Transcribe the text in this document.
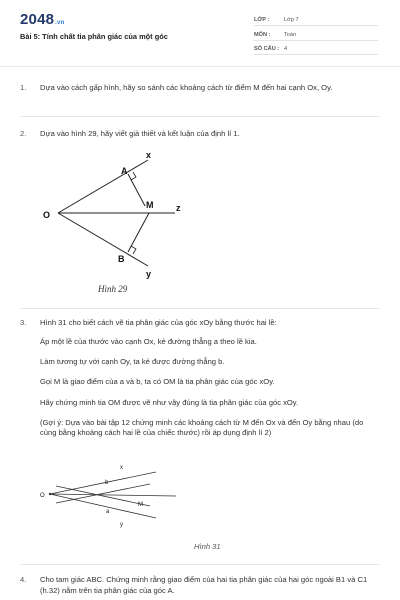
2048.vn
Bài 5: Tính chất tia phân giác của một góc
LỚP :	Lớp 7
MÔN : Toán
SỐ CÂU : 4
1.	Dựa vào cách gấp hình, hãy so sánh các khoảng cách từ điểm M đến hai cạnh Ox, Oy.
2.	Dựa vào hình 29, hãy viết giả thiết và kết luận của định lí 1.
O
A
B
M
x
y
z
Hình 29
3.	Hình 31 cho biết cách vẽ tia phân giác của góc xOy bằng thước hai lề:
Áp một lề của thước vào cạnh Ox, kẻ đường thẳng a theo lề kia.
Làm tương tự với cạnh Oy, ta kẻ được đường thẳng b.
Gọi M là giao điểm của a và b, ta có OM là tia phân giác của góc xOy.
Hãy chứng minh tia OM được vẽ như vậy đúng là tia phân giác của góc xOy.
(Gợi ý: Dựa vào bài tập 12 chứng minh các khoảng cách từ M đến Ox và đến Oy bằng nhau (do cùng bằng khoảng cách hai lề của chiếc thước) rồi áp dụng định lí 2)
O
M
x
y
b
a
Hình 31
4.	Cho tam giác ABC. Chứng minh rằng giao điểm của hai tia phân giác của hai góc ngoài B1 và C1 (h.32) nằm trên tia phân giác của góc A.
